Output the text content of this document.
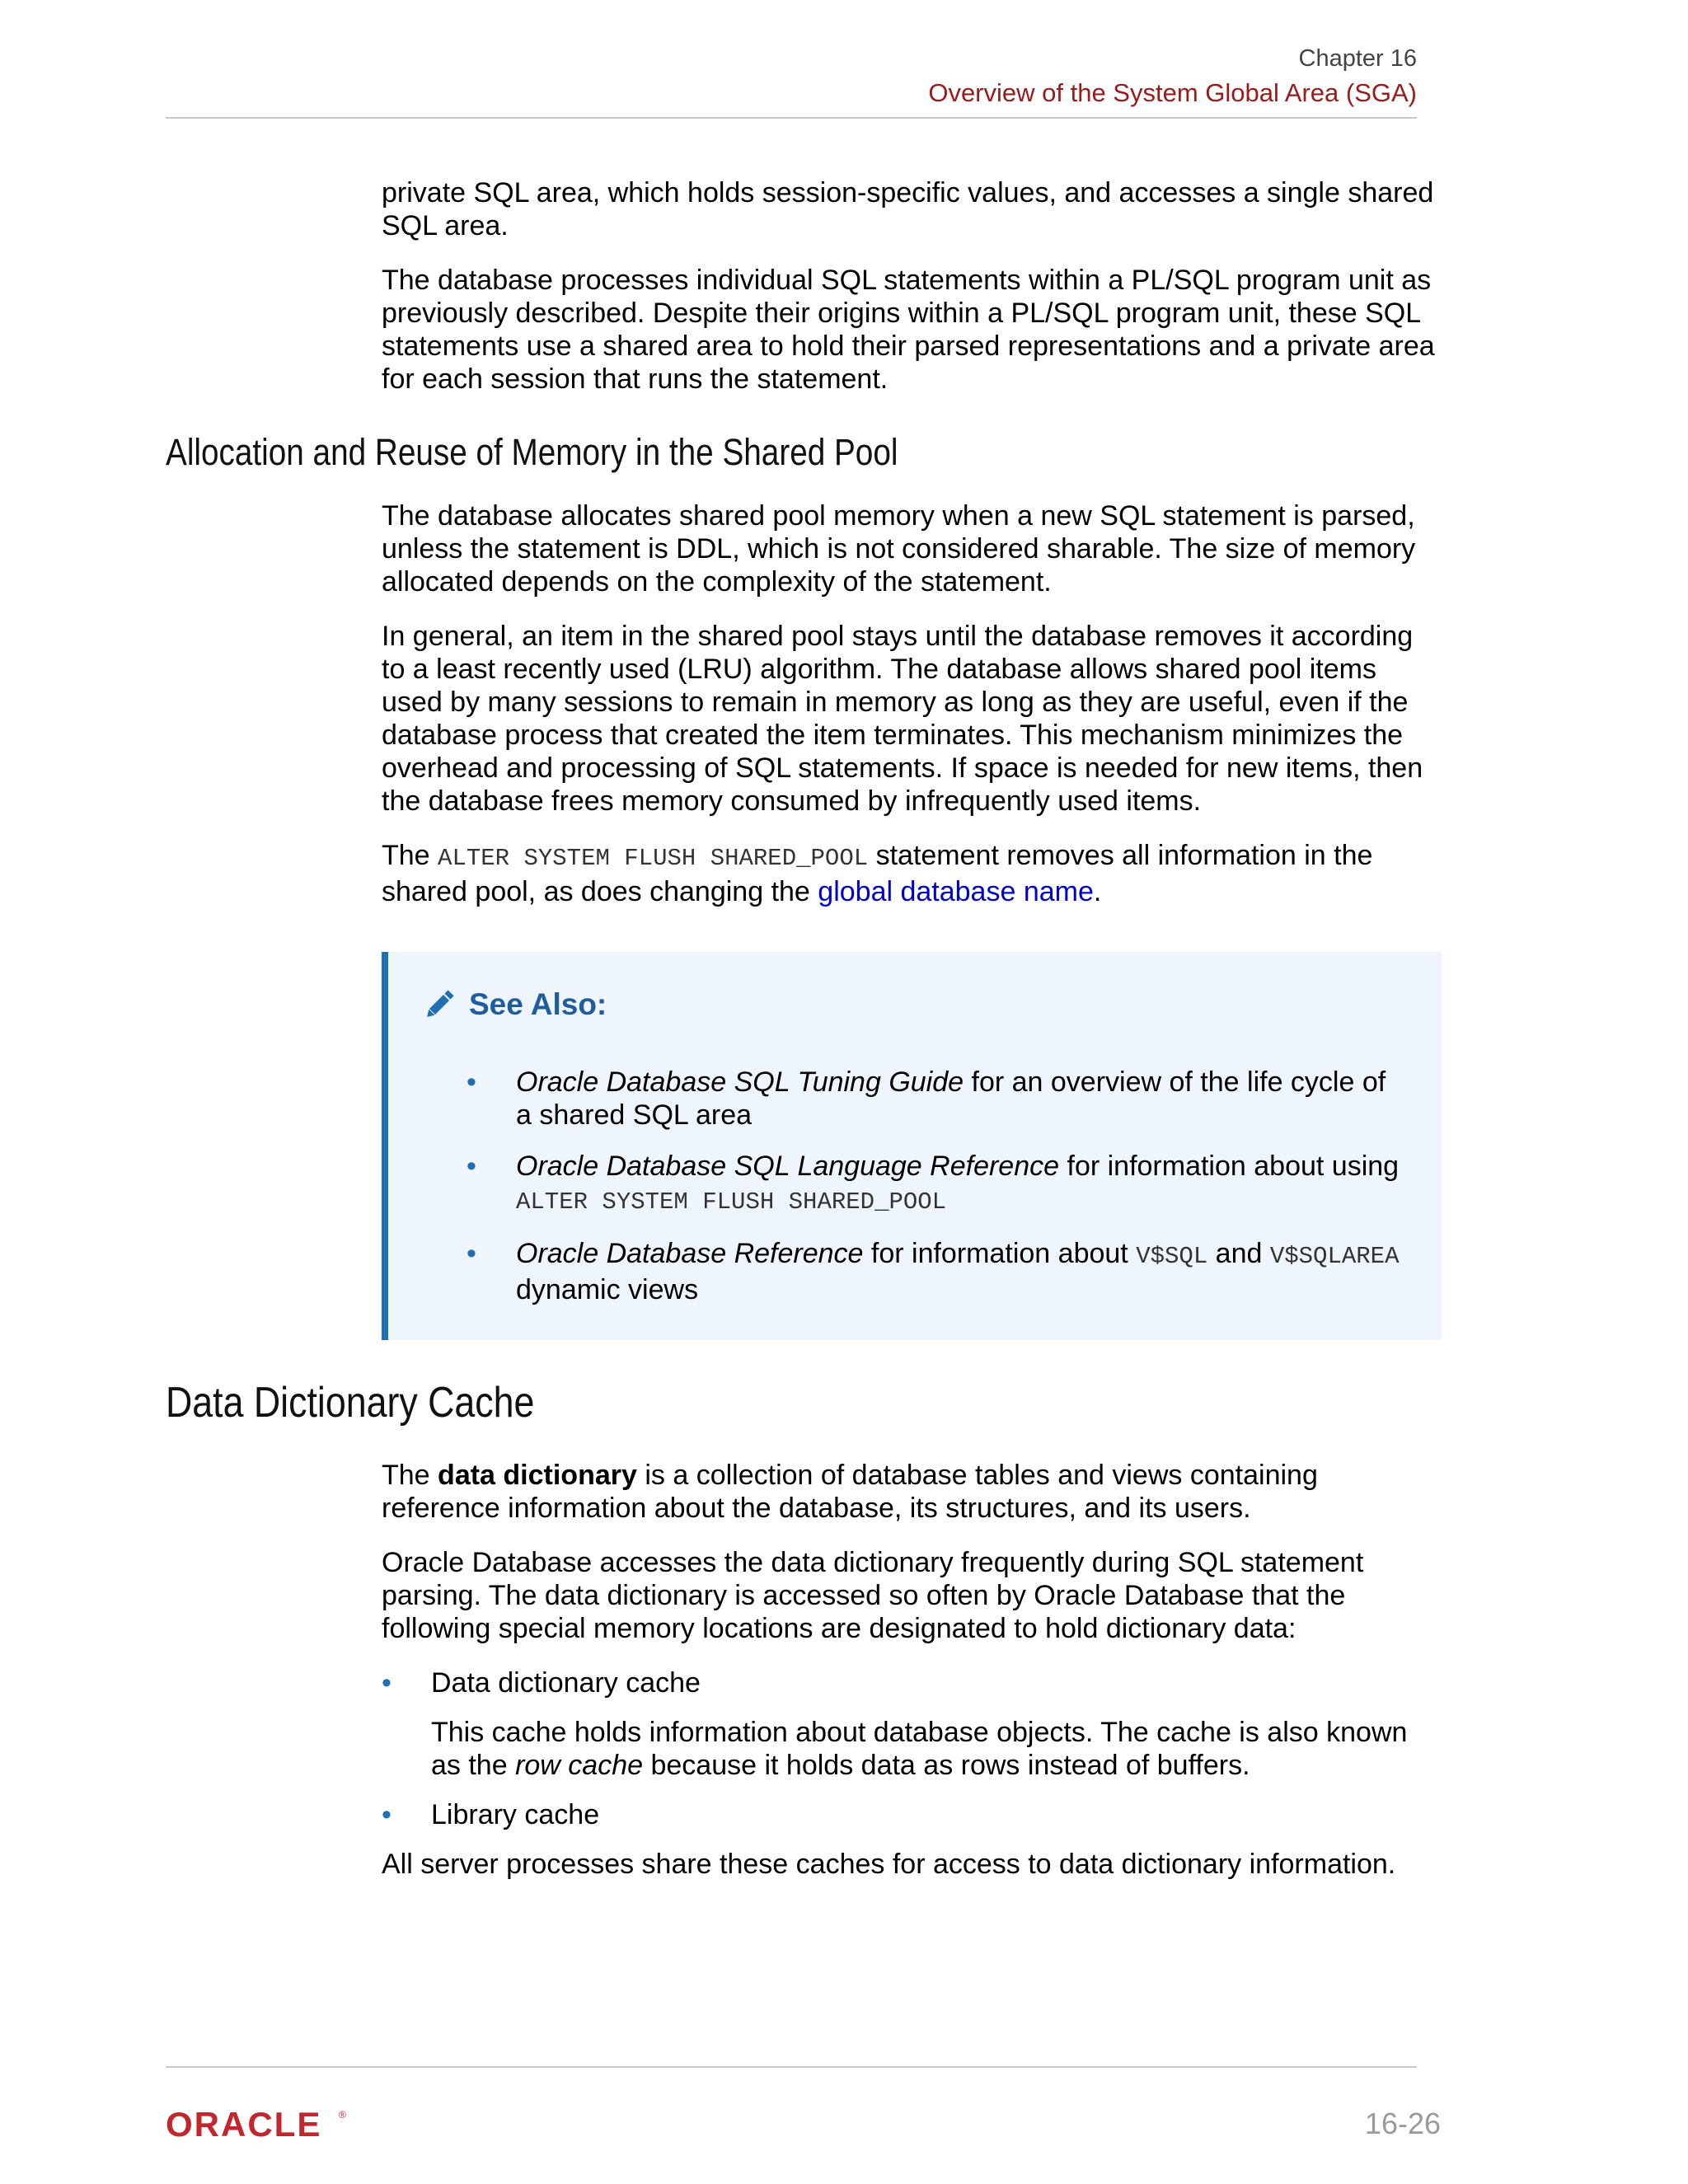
Chapter 16
Overview of the System Global Area (SGA)

private SQL area, which holds session-specific values, and accesses a single shared SQL area.

The database processes individual SQL statements within a PL/SQL program unit as previously described. Despite their origins within a PL/SQL program unit, these SQL statements use a shared area to hold their parsed representations and a private area for each session that runs the statement.

Allocation and Reuse of Memory in the Shared Pool

The database allocates shared pool memory when a new SQL statement is parsed, unless the statement is DDL, which is not considered sharable. The size of memory allocated depends on the complexity of the statement.

In general, an item in the shared pool stays until the database removes it according to a least recently used (LRU) algorithm. The database allows shared pool items used by many sessions to remain in memory as long as they are useful, even if the database process that created the item terminates. This mechanism minimizes the overhead and processing of SQL statements. If space is needed for new items, then the database frees memory consumed by infrequently used items.

The ALTER SYSTEM FLUSH SHARED_POOL statement removes all information in the shared pool, as does changing the global database name.

See Also:
• Oracle Database SQL Tuning Guide for an overview of the life cycle of a shared SQL area
• Oracle Database SQL Language Reference for information about using
ALTER SYSTEM FLUSH SHARED_POOL
• Oracle Database Reference for information about V$SQL and V$SQLAREA
dynamic views
Data Dictionary Cache

The data dictionary is a collection of database tables and views containing reference information about the database, its structures, and its users.

Oracle Database accesses the data dictionary frequently during SQL statement parsing. The data dictionary is accessed so often by Oracle Database that the following special memory locations are designated to hold dictionary data:

• Data dictionary cache

This cache holds information about database objects. The cache is also known as the row cache because it holds data as rows instead of buffers.

• Library cache

All server processes share these caches for access to data dictionary information.

ORACLE ®	16-26
